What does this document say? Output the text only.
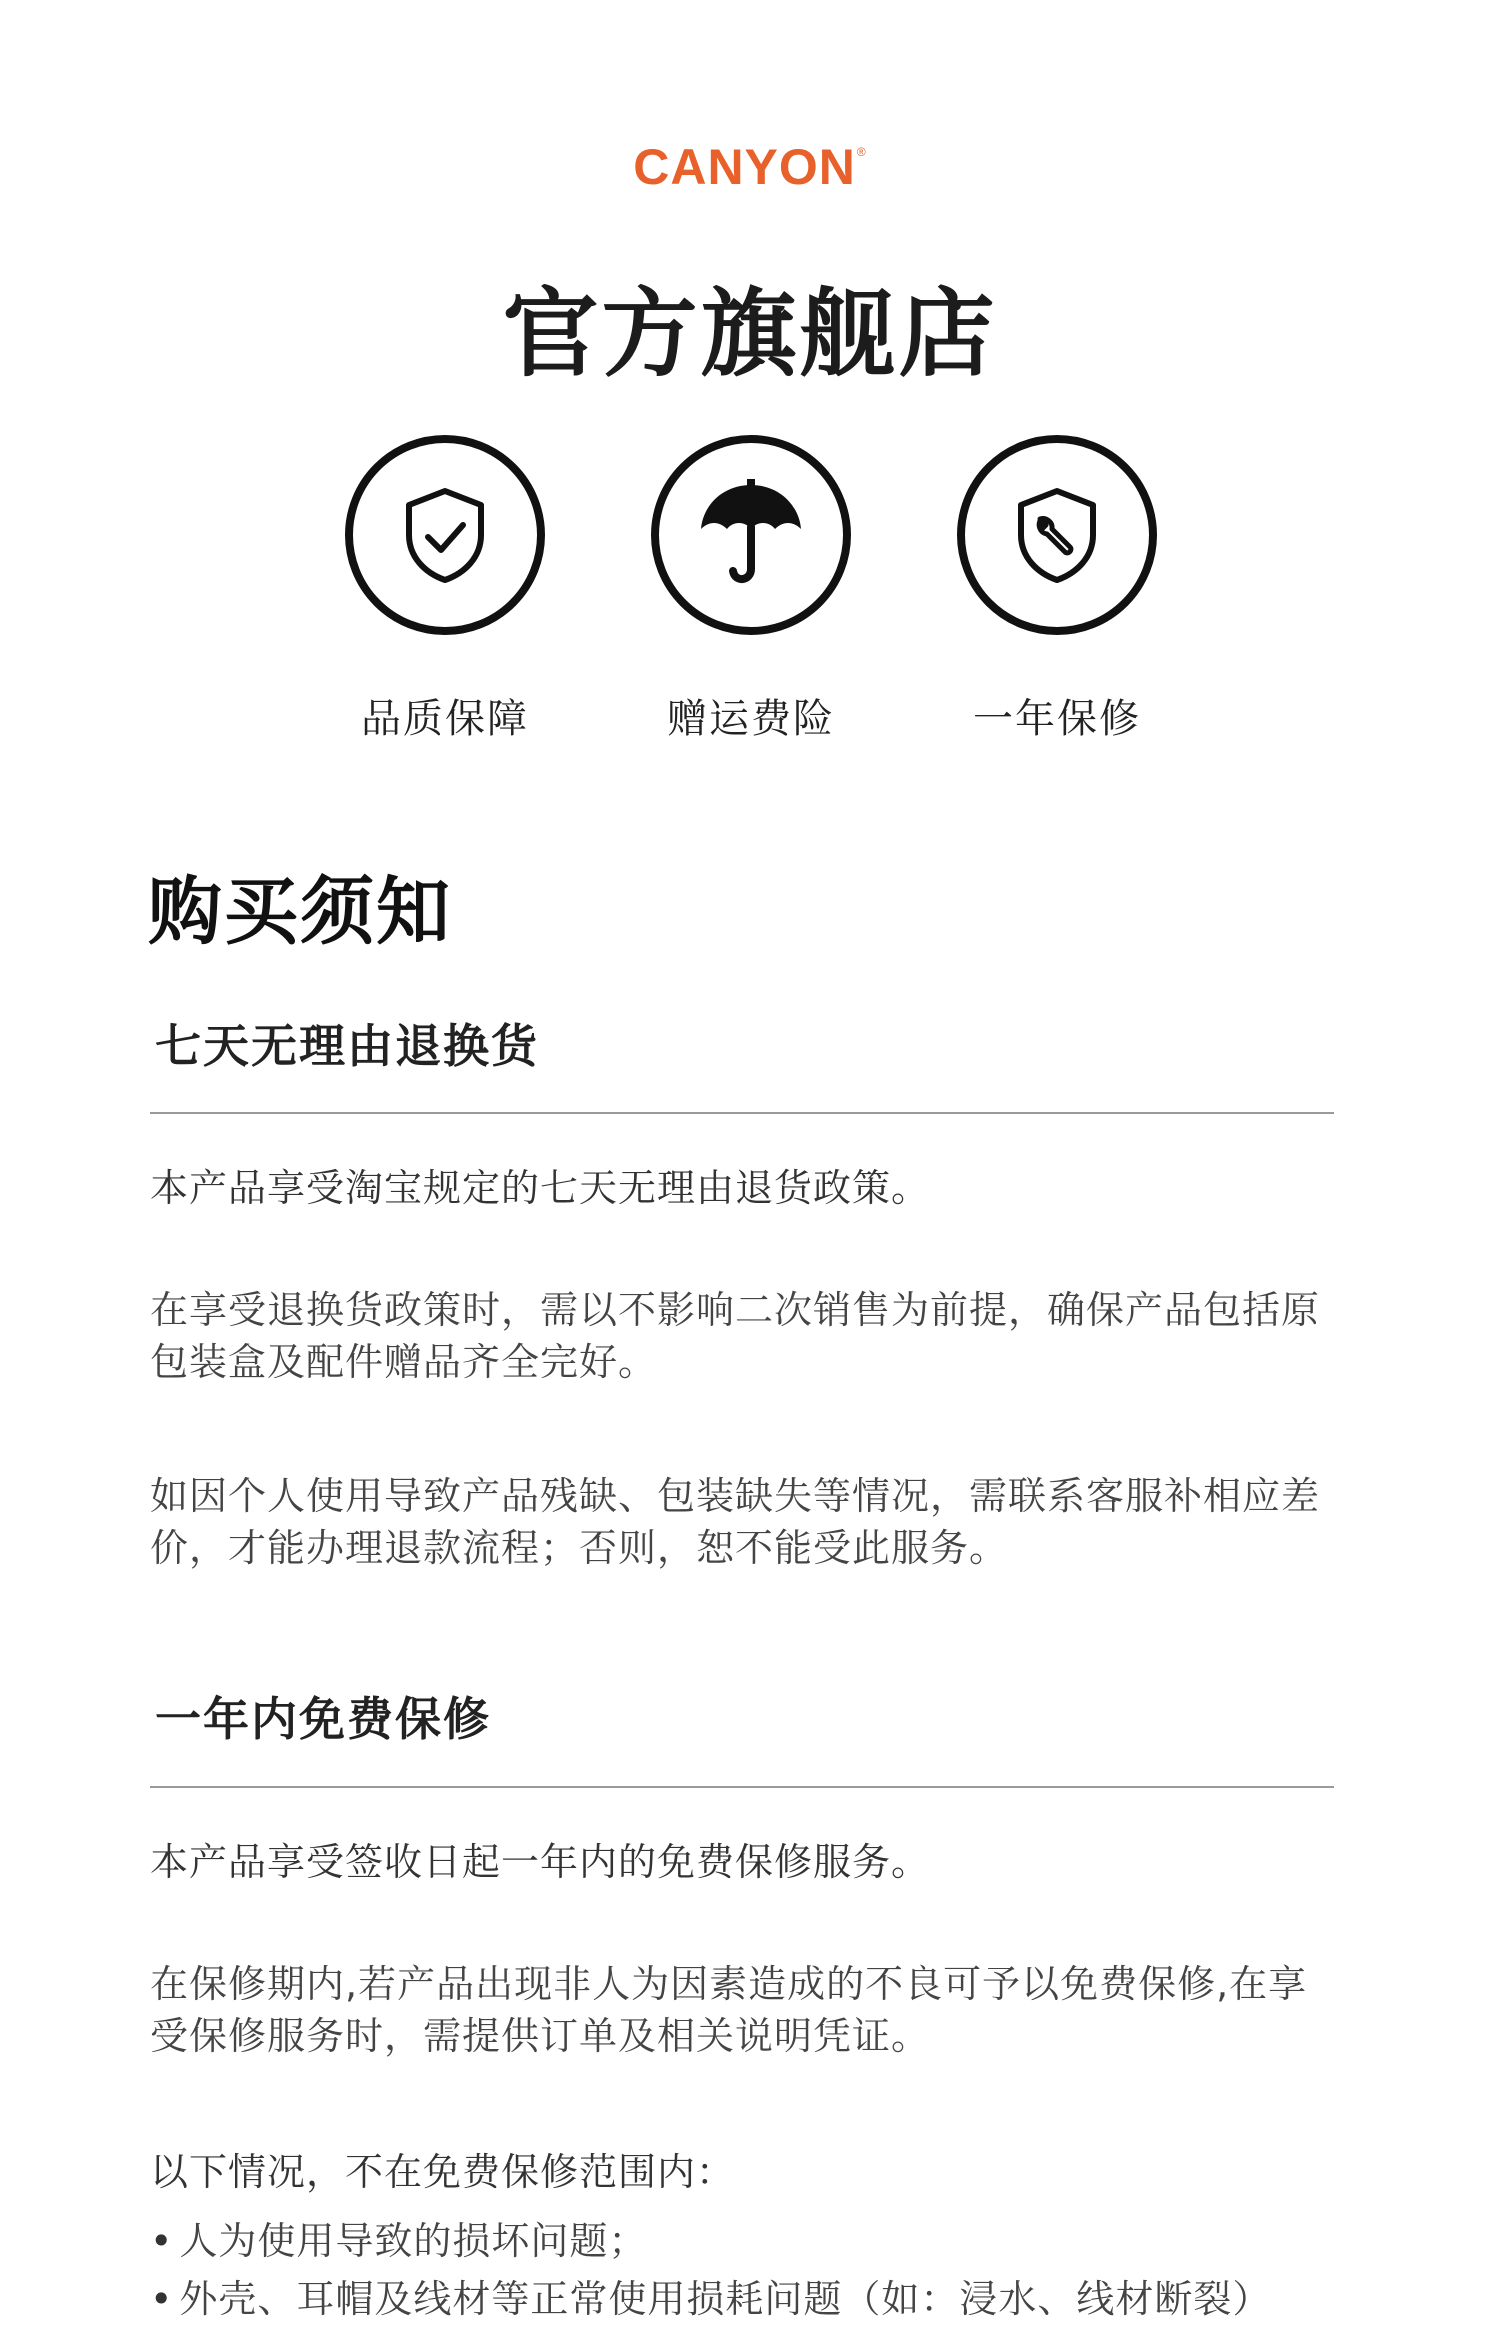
CANYON®
官方旗舰店
品质保障	赠运费险	一年保修
购买须知
七天无理由退换货
本产品享受淘宝规定的七天无理由退货政策。
在享受退换货政策时，需以不影响二次销售为前提，确保产品包括原包装盒及配件赠品齐全完好。
如因个人使用导致产品残缺、包装缺失等情况，需联系客服补相应差价，才能办理退款流程；否则，恕不能受此服务。
一年内免费保修
本产品享受签收日起一年内的免费保修服务。
在保修期内,若产品出现非人为因素造成的不良可予以免费保修,在享受保修服务时，需提供订单及相关说明凭证。
以下情况，不在免费保修范围内：
• 人为使用导致的损坏问题；
• 外壳、耳帽及线材等正常使用损耗问题（如：浸水、线材断裂）
